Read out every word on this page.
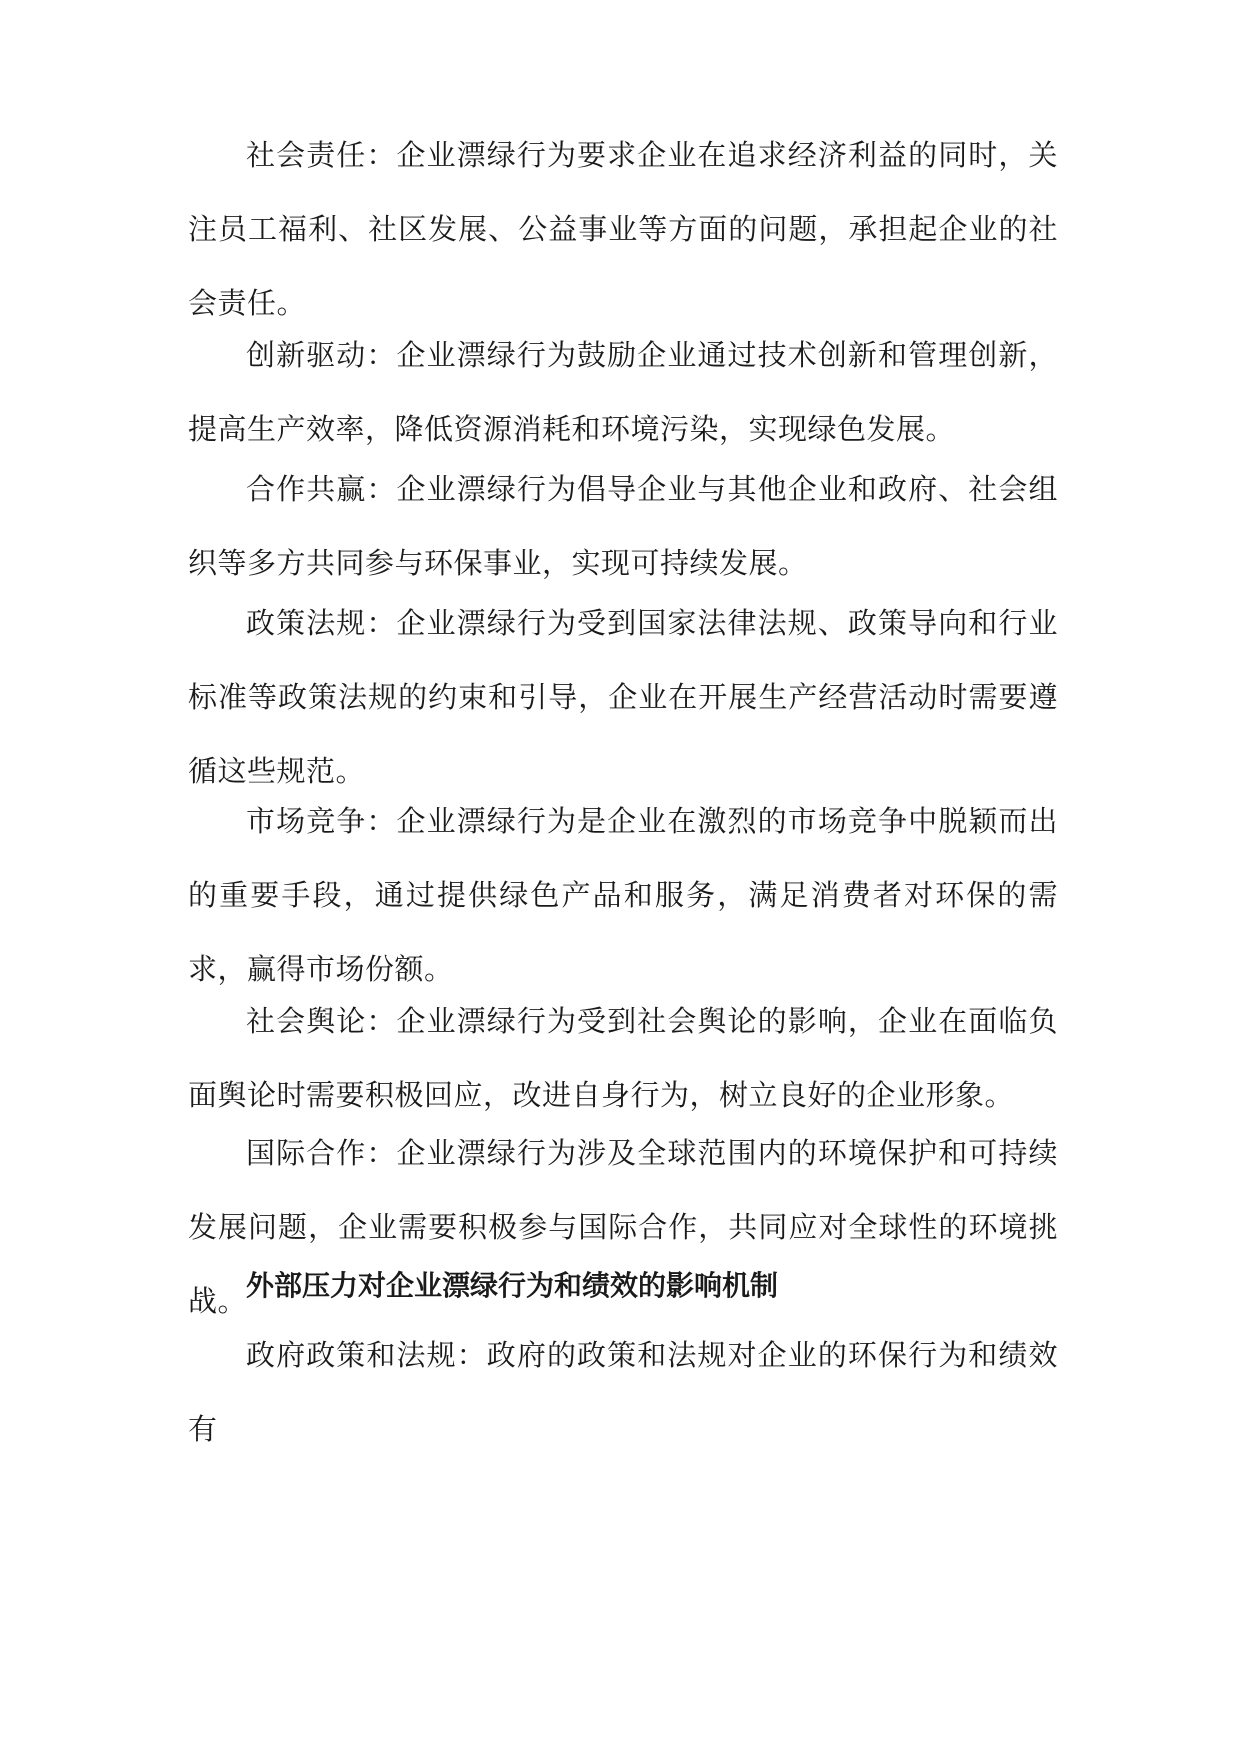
社会责任：企业漂绿行为要求企业在追求经济利益的同时，关注员工福利、社区发展、公益事业等方面的问题，承担起企业的社会责任。

创新驱动：企业漂绿行为鼓励企业通过技术创新和管理创新，提高生产效率，降低资源消耗和环境污染，实现绿色发展。

合作共赢：企业漂绿行为倡导企业与其他企业和政府、社会组织等多方共同参与环保事业，实现可持续发展。

政策法规：企业漂绿行为受到国家法律法规、政策导向和行业标准等政策法规的约束和引导，企业在开展生产经营活动时需要遵循这些规范。

市场竞争：企业漂绿行为是企业在激烈的市场竞争中脱颖而出的重要手段，通过提供绿色产品和服务，满足消费者对环保的需求，赢得市场份额。

社会舆论：企业漂绿行为受到社会舆论的影响，企业在面临负面舆论时需要积极回应，改进自身行为，树立良好的企业形象。

国际合作：企业漂绿行为涉及全球范围内的环境保护和可持续发展问题，企业需要积极参与国际合作，共同应对全球性的环境挑战。

外部压力对企业漂绿行为和绩效的影响机制

政府政策和法规：政府的政策和法规对企业的环保行为和绩效有
